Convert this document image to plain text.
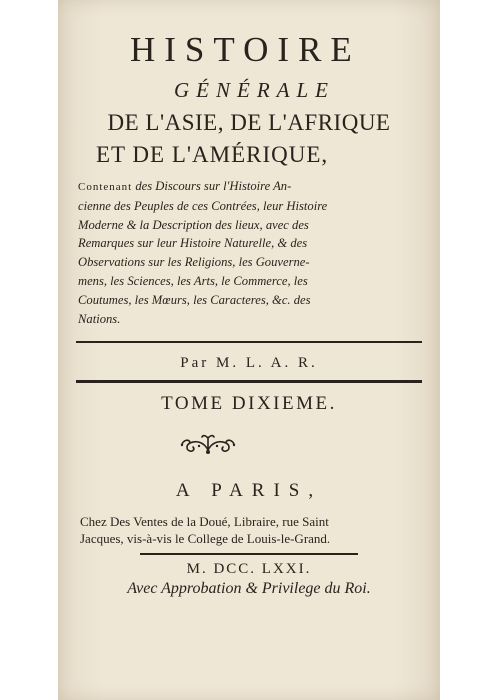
HISTOIRE
GÉNÉRALE
DE L'ASIE, DE L'AFRIQUE
ET DE L'AMÉRIQUE,
Contenant des Discours sur l'Histoire An-
cienne des Peuples de ces Contrées, leur Histoire
Moderne & la Description des lieux, avec des
Remarques sur leur Histoire Naturelle, & des
Observations sur les Religions, les Gouverne-
mens, les Sciences, les Arts, le Commerce, les
Coutumes, les Mœurs, les Caracteres, &c. des
Nations.
Par M. L. A. R.
TOME DIXIEME.
A PARIS,
Chez Des Ventes de la Doué, Libraire, rue Saint
Jacques, vis-à-vis le College de Louis-le-Grand.
M. DCC. LXXI.
Avec Approbation & Privilege du Roi.
